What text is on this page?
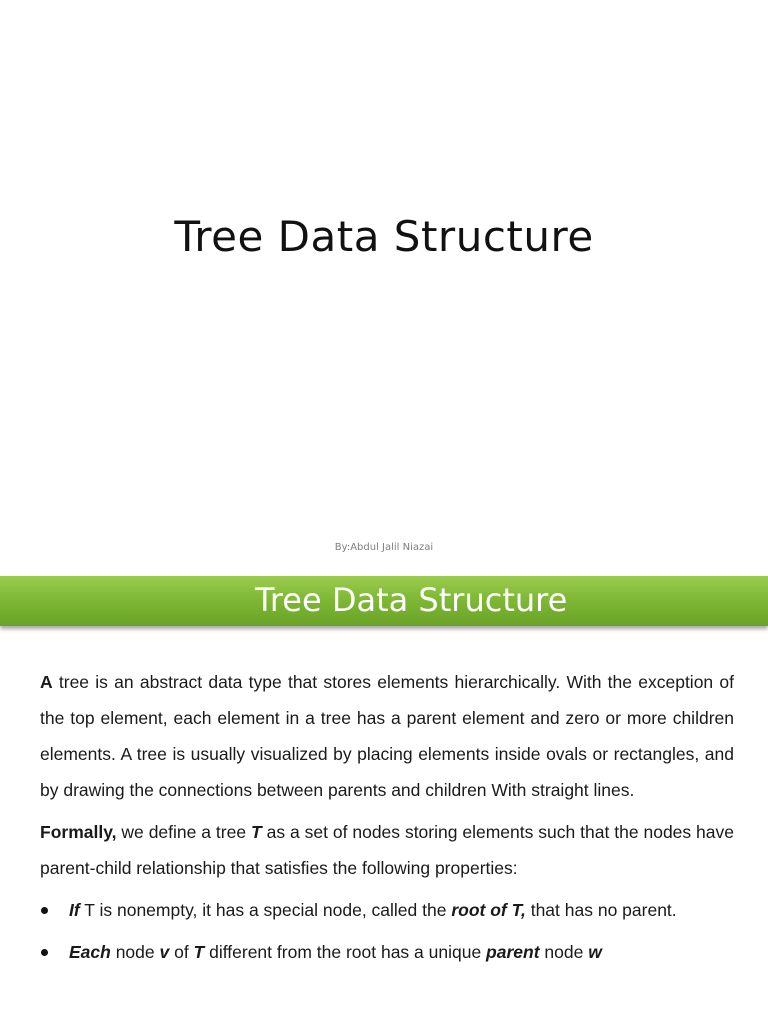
Tree Data Structure
By:Abdul Jalil Niazai
Tree Data Structure

A tree is an abstract data type that stores elements hierarchically. With the exception of the top element, each element in a tree has a parent element and zero or more children elements. A tree is usually visualized by placing elements inside ovals or rectangles, and by drawing the connections between parents and children With straight lines.

Formally, we define a tree T as a set of nodes storing elements such that the nodes have parent-child relationship that satisfies the following properties:

If T is nonempty, it has a special node, called the root of T, that has no parent.
Each node v of T different from the root has a unique parent node w
